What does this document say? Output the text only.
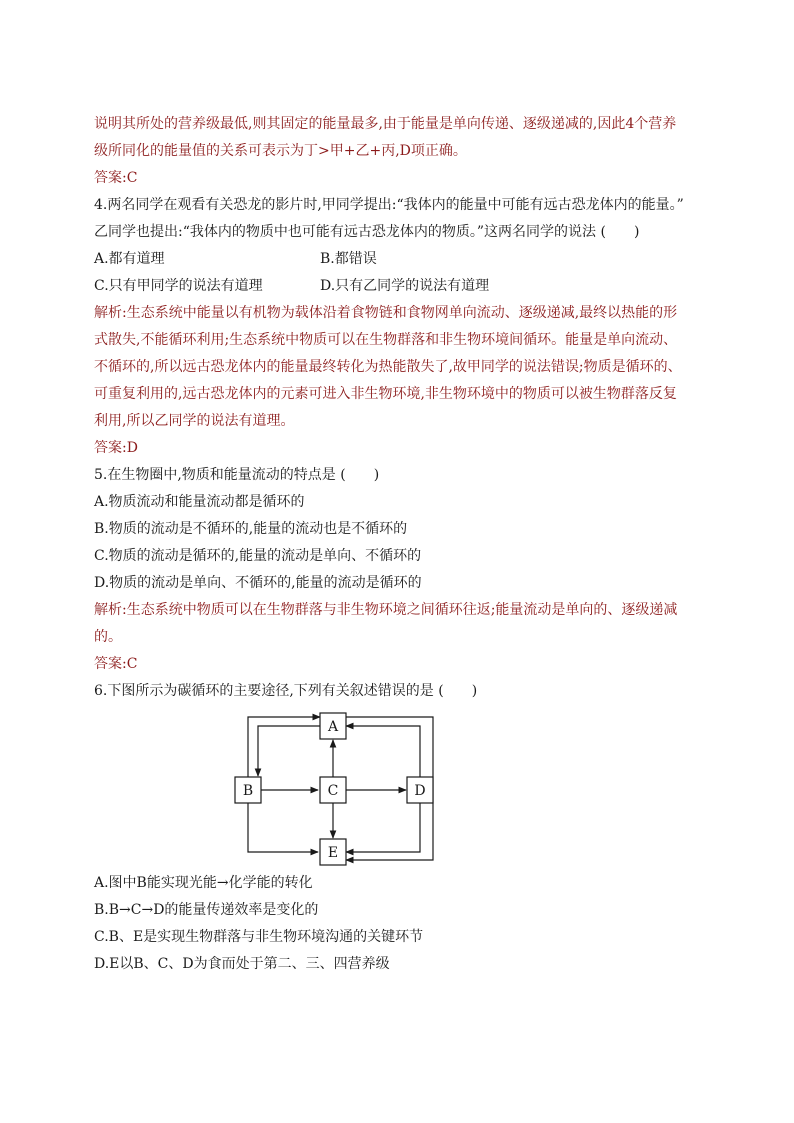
说明其所处的营养级最低,则其固定的能量最多,由于能量是单向传递、逐级递减的,因此4个营养
级所同化的能量值的关系可表示为丁>甲+乙+丙,D项正确。
答案:C
4.两名同学在观看有关恐龙的影片时,甲同学提出:“我体内的能量中可能有远古恐龙体内的能量。”
乙同学也提出:“我体内的物质中也可能有远古恐龙体内的物质。”这两名同学的说法 (　　)
A.都有道理	B.都错误
C.只有甲同学的说法有道理	D.只有乙同学的说法有道理
解析:生态系统中能量以有机物为载体沿着食物链和食物网单向流动、逐级递减,最终以热能的形
式散失,不能循环利用;生态系统中物质可以在生物群落和非生物环境间循环。能量是单向流动、
不循环的,所以远古恐龙体内的能量最终转化为热能散失了,故甲同学的说法错误;物质是循环的、
可重复利用的,远古恐龙体内的元素可进入非生物环境,非生物环境中的物质可以被生物群落反复
利用,所以乙同学的说法有道理。
答案:D
5.在生物圈中,物质和能量流动的特点是 (　　)
A.物质流动和能量流动都是循环的
B.物质的流动是不循环的,能量的流动也是不循环的
C.物质的流动是循环的,能量的流动是单向、不循环的
D.物质的流动是单向、不循环的,能量的流动是循环的
解析:生态系统中物质可以在生物群落与非生物环境之间循环往返;能量流动是单向的、逐级递减
的。
答案:C
6.下图所示为碳循环的主要途径,下列有关叙述错误的是 (　　)
A
B	C	D
E
A.图中B能实现光能→化学能的转化
B.B→C→D的能量传递效率是变化的
C.B、E是实现生物群落与非生物环境沟通的关键环节
D.E以B、C、D为食而处于第二、三、四营养级
